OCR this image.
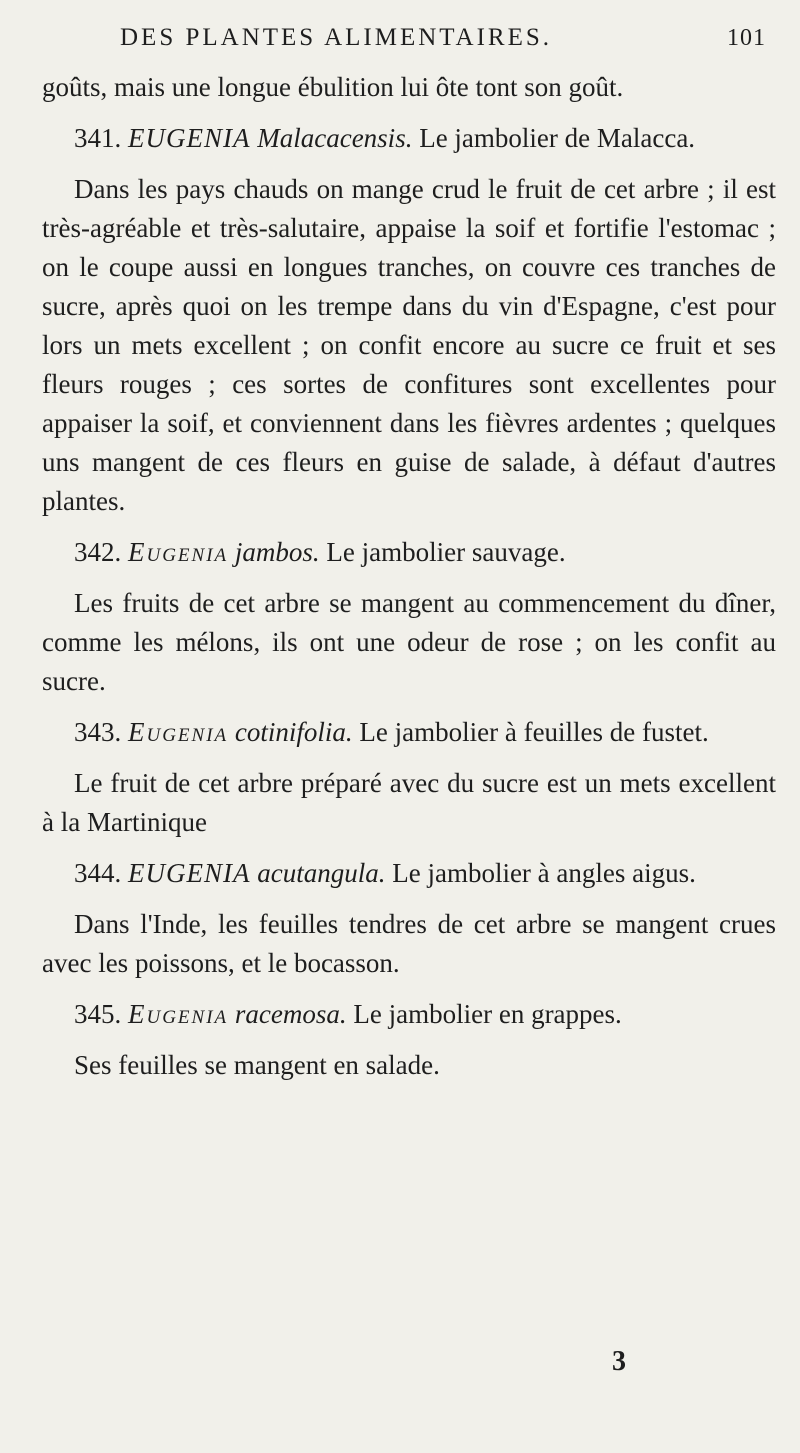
DES PLANTES ALIMENTAIRES.	101

goûts, mais une longue ébulition lui ôte tont son goût.

341. EUGENIA Malacacensis. Le jambolier de Malacca.

Dans les pays chauds on mange crud le fruit de cet arbre ; il est très-agréable et très-salutaire, appaise la soif et fortifie l'estomac ; on le coupe aussi en longues tranches, on couvre ces tranches de sucre, après quoi on les trempe dans du vin d'Espagne, c'est pour lors un mets excellent ; on confit encore au sucre ce fruit et ses fleurs rouges ; ces sortes de confitures sont excellentes pour appaiser la soif, et conviennent dans les fièvres ardentes ; quelques uns mangent de ces fleurs en guise de salade, à défaut d'autres plantes.

342. Eugenia jambos. Le jambolier sauvage.

Les fruits de cet arbre se mangent au commencement du dîner, comme les mélons, ils ont une odeur de rose ; on les confit au sucre.

343. Eugenia cotinifolia. Le jambolier à feuilles de fustet.

Le fruit de cet arbre préparé avec du sucre est un mets excellent à la Martinique

344. EUGENIA acutangula. Le jambolier à angles aigus.

Dans l'Inde, les feuilles tendres de cet arbre se mangent crues avec les poissons, et le bocasson.

345. Eugenia racemosa. Le jambolier en grappes.

Ses feuilles se mangent en salade.

3
